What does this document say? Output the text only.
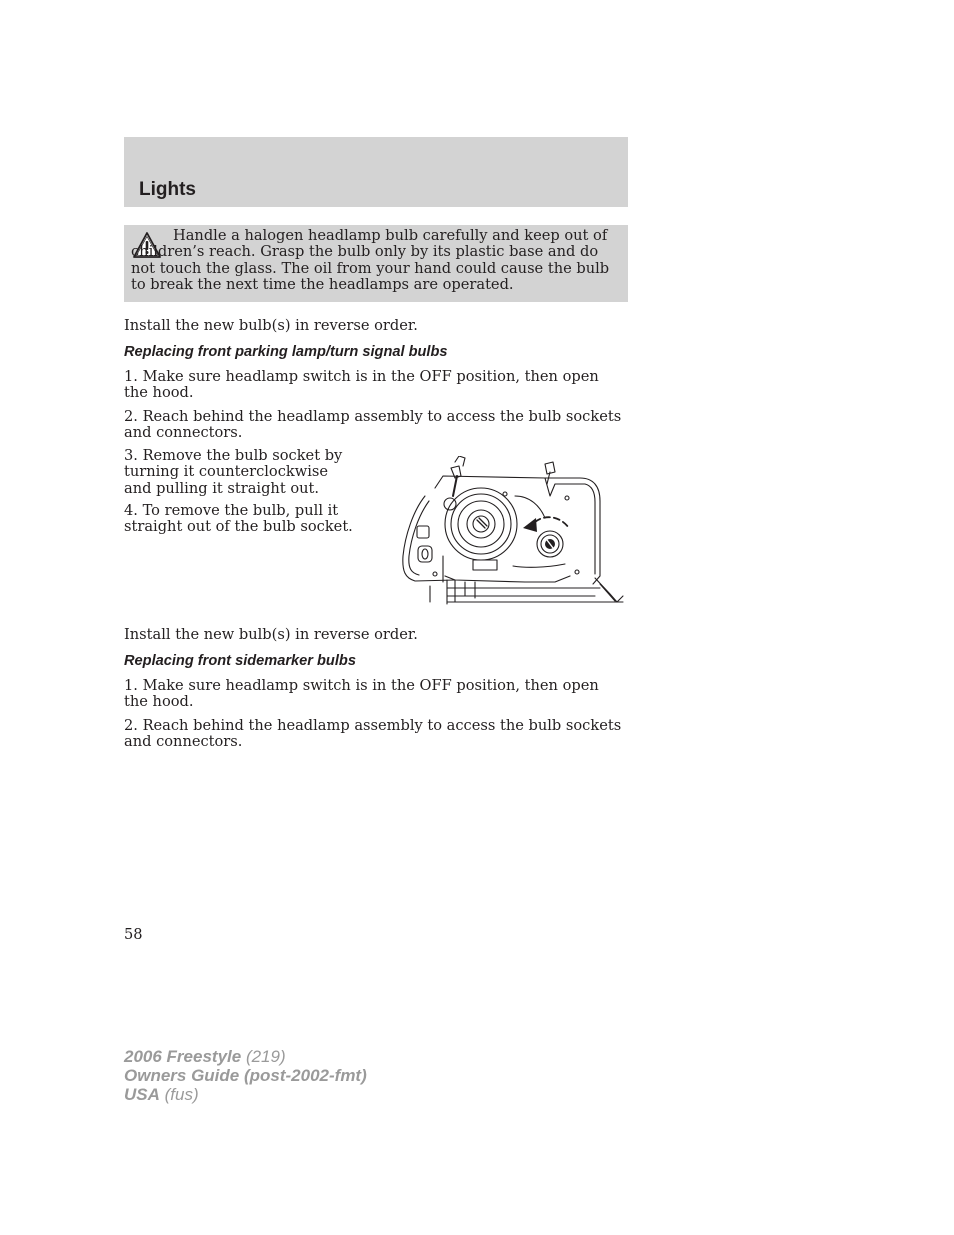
Lights

Handle a halogen headlamp bulb carefully and keep out of children’s reach. Grasp the bulb only by its plastic base and do not touch the glass. The oil from your hand could cause the bulb to break the next time the headlamps are operated.

Install the new bulb(s) in reverse order.

Replacing front parking lamp/turn signal bulbs

1. Make sure headlamp switch is in the OFF position, then open the hood.

2. Reach behind the headlamp assembly to access the bulb sockets and connectors.

3. Remove the bulb socket by turning it counterclockwise and pulling it straight out.

4. To remove the bulb, pull it straight out of the bulb socket.

Install the new bulb(s) in reverse order.

Replacing front sidemarker bulbs

1. Make sure headlamp switch is in the OFF position, then open the hood.

2. Reach behind the headlamp assembly to access the bulb sockets and connectors.

58

2006 Freestyle (219)
Owners Guide (post-2002-fmt)
USA (fus)
